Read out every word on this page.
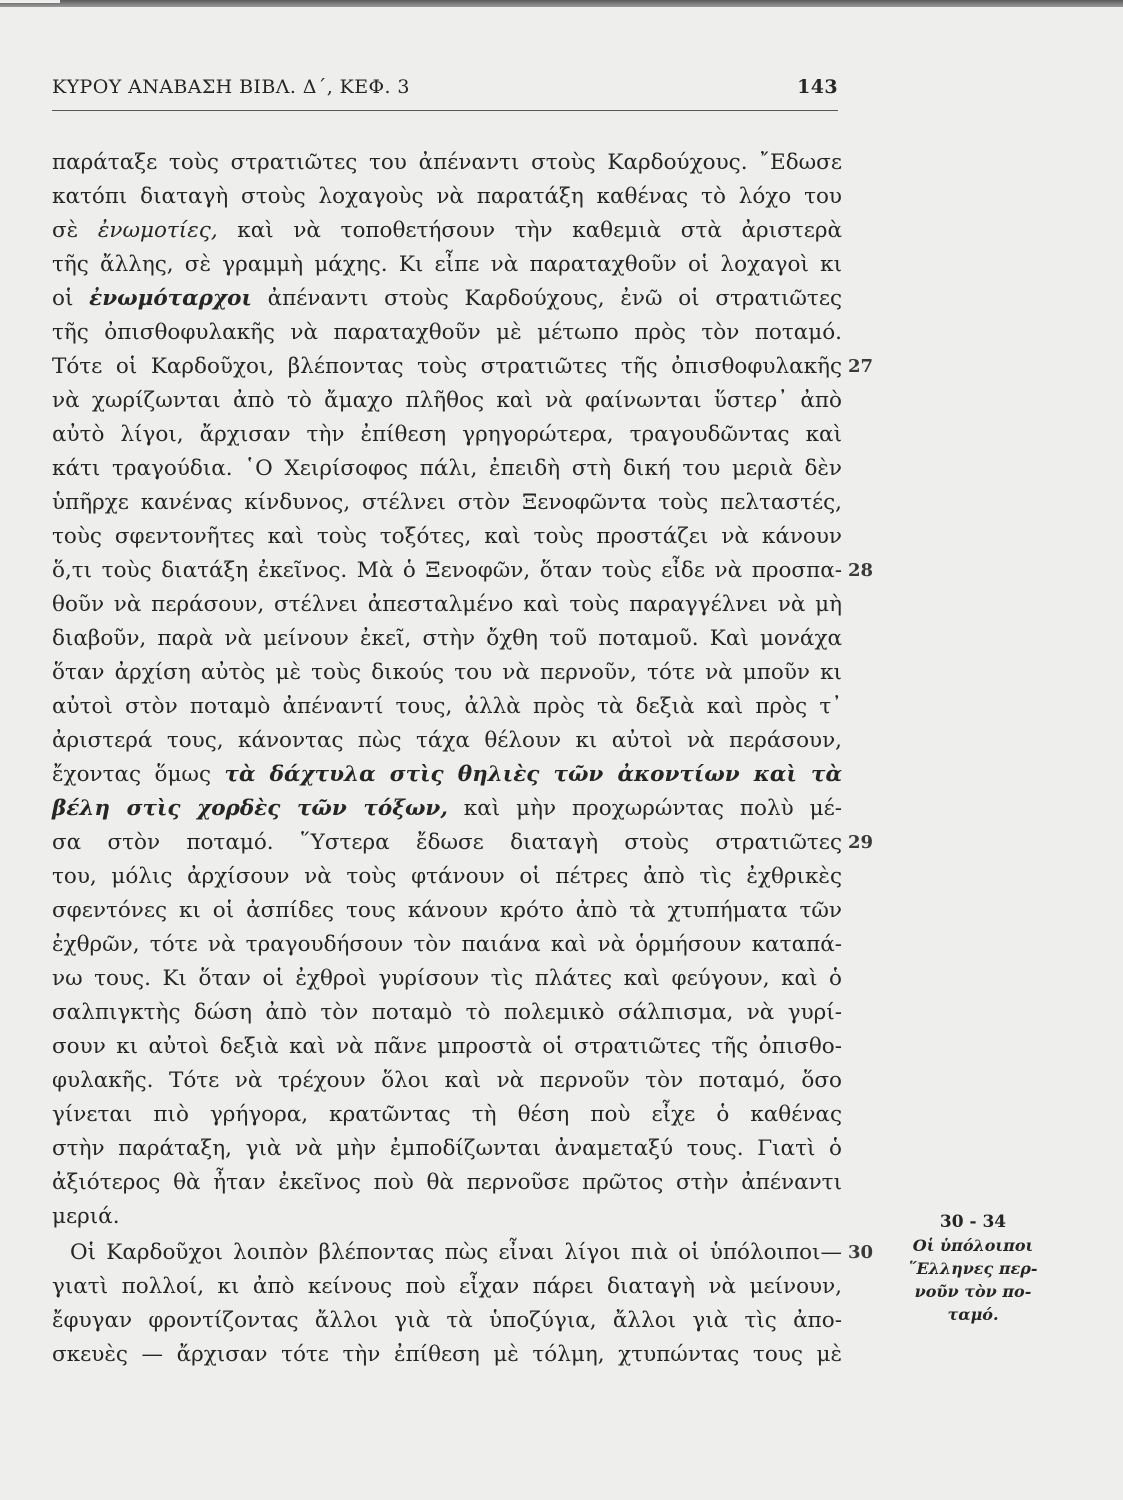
ΚΥΡΟΥ ΑΝΑΒΑΣΗ ΒΙΒΛ. Δ΄, ΚΕΦ. 3	143
παράταξε τοὺς στρατιῶτες του ἀπέναντι στοὺς Καρδούχους. ῎Εδωσε
κατόπι διαταγὴ στοὺς λοχαγοὺς νὰ παρατάξη καθένας τὸ λόχο του
σὲ ἐνωμοτίες, καὶ νὰ τοποθετήσουν τὴν καθεμιὰ στὰ ἀριστερὰ
τῆς ἄλλης, σὲ γραμμὴ μάχης. Κι εἶπε νὰ παραταχθοῦν οἱ λοχαγοὶ κι
οἱ ἐνωμόταρχοι ἀπέναντι στοὺς Καρδούχους, ἐνῶ οἱ στρατιῶτες
τῆς ὀπισθοφυλακῆς νὰ παραταχθοῦν μὲ μέτωπο πρὸς τὸν ποταμό.
Τότε οἱ Καρδοῦχοι, βλέποντας τοὺς στρατιῶτες τῆς ὀπισθοφυλακῆς
νὰ χωρίζωνται ἀπὸ τὸ ἄμαχο πλῆθος καὶ νὰ φαίνωνται ὕστερ᾽ ἀπὸ
αὐτὸ λίγοι, ἄρχισαν τὴν ἐπίθεση γρηγορώτερα, τραγουδῶντας καὶ
κάτι τραγούδια. ῾Ο Χειρίσοφος πάλι, ἐπειδὴ στὴ δική του μεριὰ δὲν
ὑπῆρχε κανένας κίνδυνος, στέλνει στὸν Ξενοφῶντα τοὺς πελταστές,
τοὺς σφεντονῆτες καὶ τοὺς τοξότες, καὶ τοὺς προστάζει νὰ κάνουν
ὅ,τι τοὺς διατάξη ἐκεῖνος. Μὰ ὁ Ξενοφῶν, ὅταν τοὺς εἶδε νὰ προσπα-
θοῦν νὰ περάσουν, στέλνει ἀπεσταλμένο καὶ τοὺς παραγγέλνει νὰ μὴ
διαβοῦν, παρὰ νὰ μείνουν ἐκεῖ, στὴν ὄχθη τοῦ ποταμοῦ. Καὶ μονάχα
ὅταν ἀρχίση αὐτὸς μὲ τοὺς δικούς του νὰ περνοῦν, τότε νὰ μποῦν κι
αὐτοὶ στὸν ποταμὸ ἀπέναντί τους, ἀλλὰ πρὸς τὰ δεξιὰ καὶ πρὸς τ᾽
ἀριστερά τους, κάνοντας πὼς τάχα θέλουν κι αὐτοὶ νὰ περάσουν,
ἔχοντας ὅμως τὰ δάχτυλα στὶς θηλιὲς τῶν ἀκοντίων καὶ τὰ
βέλη στὶς χορδὲς τῶν τόξων, καὶ μὴν προχωρώντας πολὺ μέ-
σα στὸν ποταμό. ῞Υστερα ἔδωσε διαταγὴ στοὺς στρατιῶτες
του, μόλις ἀρχίσουν νὰ τοὺς φτάνουν οἱ πέτρες ἀπὸ τὶς ἐχθρικὲς
σφεντόνες κι οἱ ἀσπίδες τους κάνουν κρότο ἀπὸ τὰ χτυπήματα τῶν
ἐχθρῶν, τότε νὰ τραγουδήσουν τὸν παιάνα καὶ νὰ ὁρμήσουν καταπά-
νω τους. Κι ὅταν οἱ ἐχθροὶ γυρίσουν τὶς πλάτες καὶ φεύγουν, καὶ ὁ
σαλπιγκτὴς δώση ἀπὸ τὸν ποταμὸ τὸ πολεμικὸ σάλπισμα, νὰ γυρί-
σουν κι αὐτοὶ δεξιὰ καὶ νὰ πᾶνε μπροστὰ οἱ στρατιῶτες τῆς ὀπισθο-
φυλακῆς. Τότε νὰ τρέχουν ὅλοι καὶ νὰ περνοῦν τὸν ποταμό, ὅσο
γίνεται πιὸ γρήγορα, κρατῶντας τὴ θέση ποὺ εἶχε ὁ καθένας
στὴν παράταξη, γιὰ νὰ μὴν ἐμποδίζωνται ἀναμεταξύ τους. Γιατὶ ὁ
ἀξιότερος θὰ ἦταν ἐκεῖνος ποὺ θὰ περνοῦσε πρῶτος στὴν ἀπέναντι
μεριά.
Οἱ Καρδοῦχοι λοιπὸν βλέποντας πὼς εἶναι λίγοι πιὰ οἱ ὑπόλοιποι—
γιατὶ πολλοί, κι ἀπὸ κείνους ποὺ εἶχαν πάρει διαταγὴ νὰ μείνουν,
ἔφυγαν φροντίζοντας ἄλλοι γιὰ τὰ ὑποζύγια, ἄλλοι γιὰ τὶς ἀπο-
σκευὲς — ἄρχισαν τότε τὴν ἐπίθεση μὲ τόλμη, χτυπώντας τους μὲ
27
28
29
30
30 - 34
Οἱ ὑπόλοιποι
῞Ελληνες περ-
νοῦν τὸν πο-
ταμό.
